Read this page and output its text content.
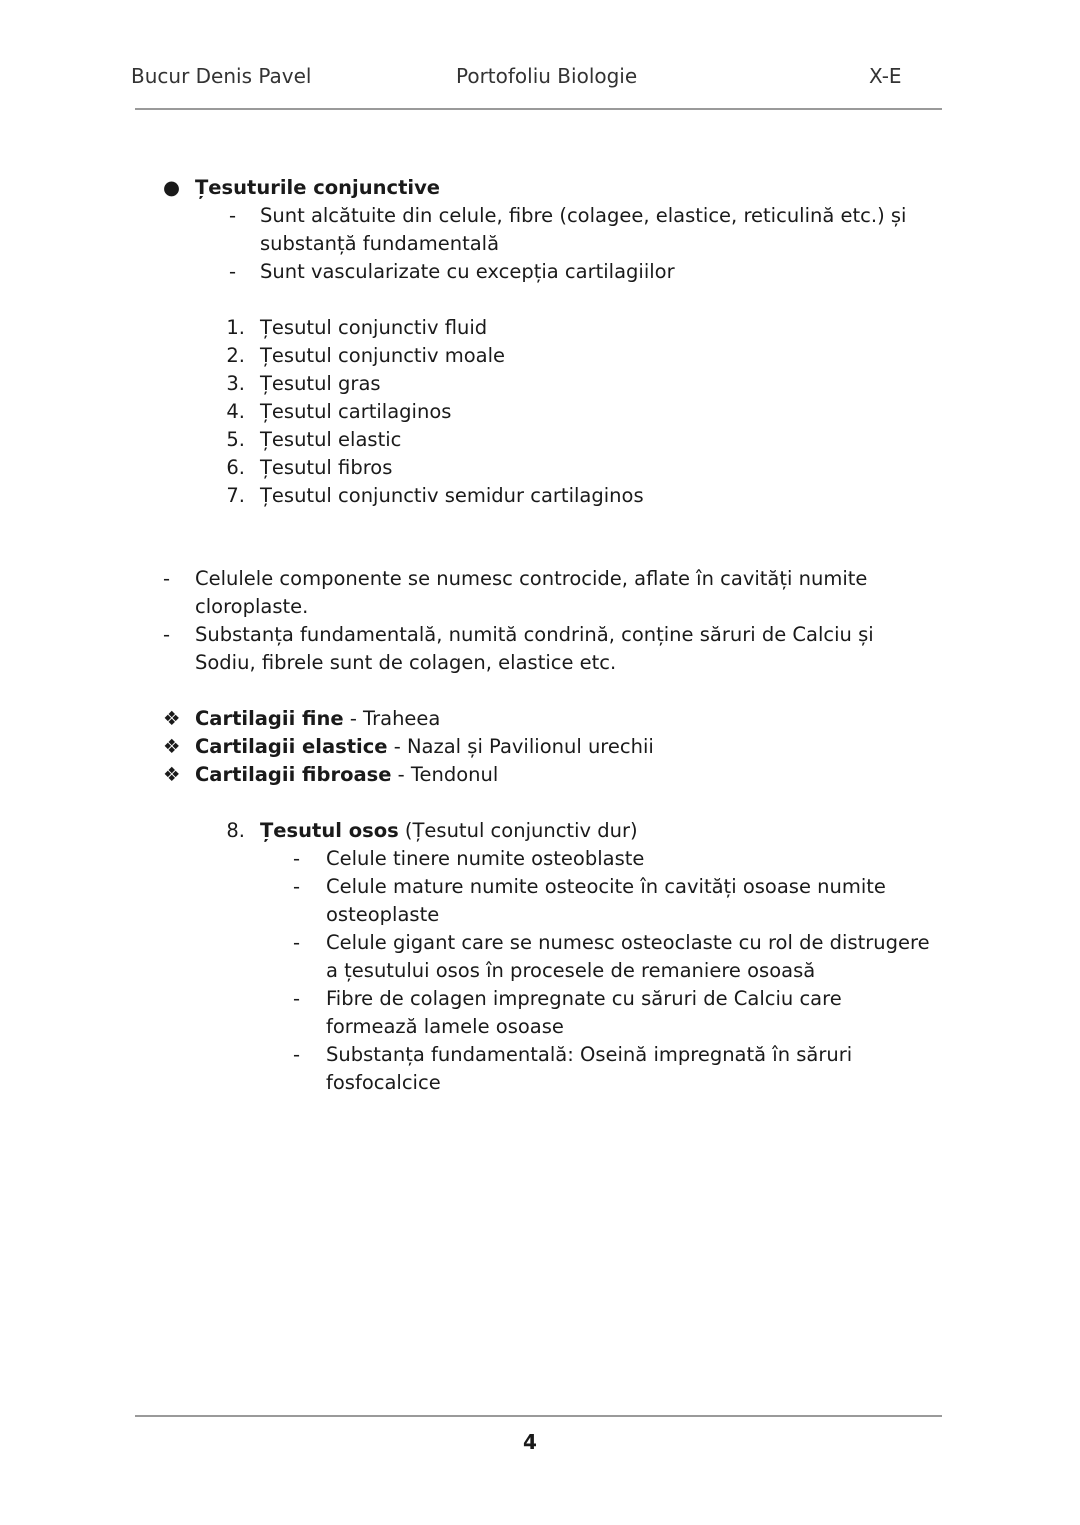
Bucur Denis Pavel	Portofoliu Biologie	X-E
● Țesuturile conjunctive
- Sunt alcătuite din celule, fibre (colagee, elastice, reticulină etc.) și
substanță fundamentală
- Sunt vascularizate cu excepția cartilagiilor
1. Țesutul conjunctiv fluid
2. Țesutul conjunctiv moale
3. Țesutul gras
4. Țesutul cartilaginos
5. Țesutul elastic
6. Țesutul fibros
7. Țesutul conjunctiv semidur cartilaginos
- Celulele componente se numesc controcide, aflate în cavități numite
cloroplaste.
- Substanța fundamentală, numită condrină, conține săruri de Calciu și
Sodiu, fibrele sunt de colagen, elastice etc.
❖ Cartilagii fine - Traheea
❖ Cartilagii elastice - Nazal și Pavilionul urechii
❖ Cartilagii fibroase - Tendonul
8. Țesutul osos (Țesutul conjunctiv dur)
- Celule tinere numite osteoblaste
- Celule mature numite osteocite în cavități osoase numite
osteoplaste
- Celule gigant care se numesc osteoclaste cu rol de distrugere
a țesutului osos în procesele de remaniere osoasă
- Fibre de colagen impregnate cu săruri de Calciu care
formează lamele osoase
- Substanța fundamentală: Oseină impregnată în săruri
fosfocalcice
4
